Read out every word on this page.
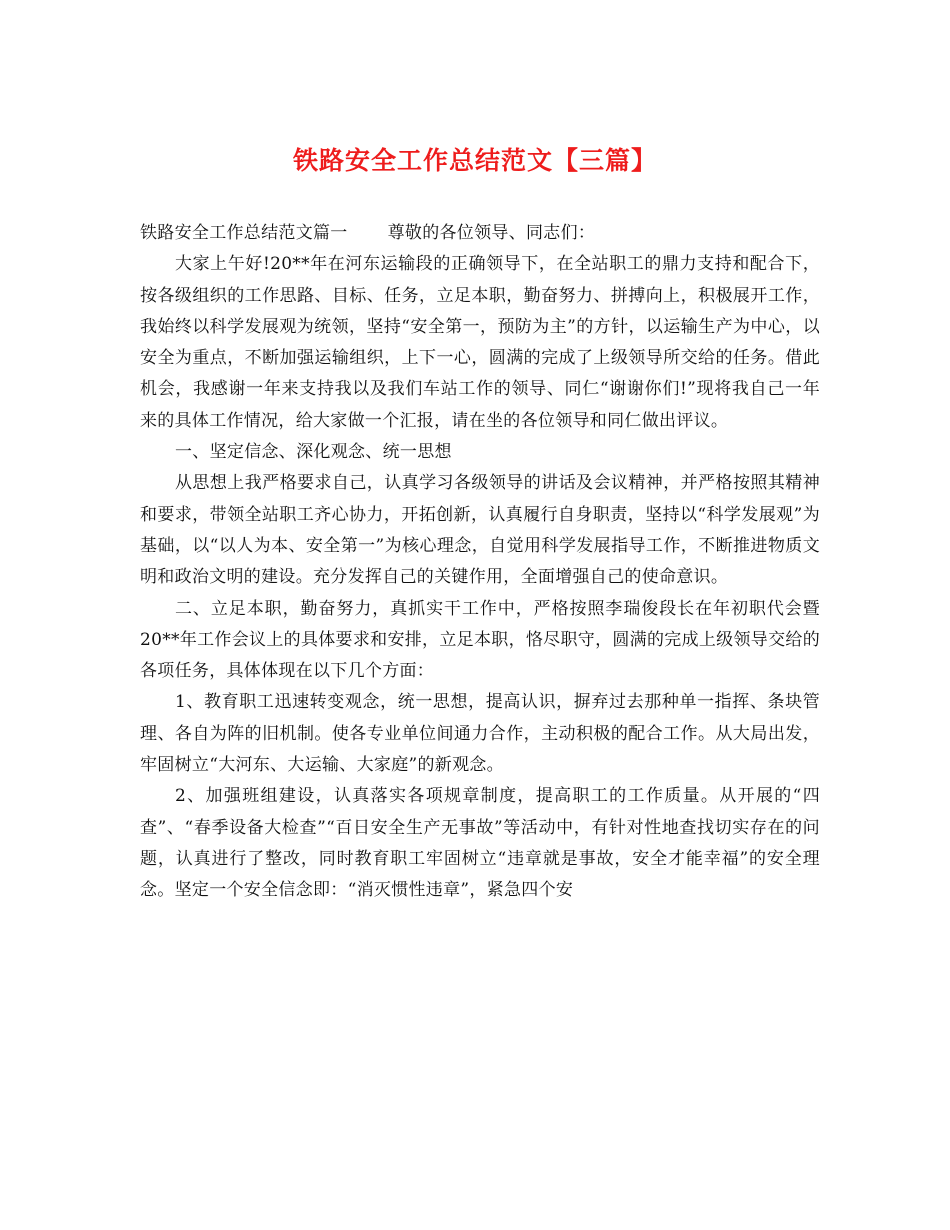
铁路安全工作总结范文【三篇】

铁路安全工作总结范文篇一 尊敬的各位领导、同志们：

大家上午好!20**年在河东运输段的正确领导下，在全站职工的鼎力支持和配合下，按各级组织的工作思路、目标、任务，立足本职，勤奋努力、拼搏向上，积极展开工作，我始终以科学发展观为统领，坚持“安全第一，预防为主”的方针，以运输生产为中心，以安全为重点，不断加强运输组织，上下一心，圆满的完成了上级领导所交给的任务。借此机会，我感谢一年来支持我以及我们车站工作的领导、同仁“谢谢你们!”现将我自己一年来的具体工作情况，给大家做一个汇报，请在坐的各位领导和同仁做出评议。

一、坚定信念、深化观念、统一思想

从思想上我严格要求自己，认真学习各级领导的讲话及会议精神，并严格按照其精神和要求，带领全站职工齐心协力，开拓创新，认真履行自身职责，坚持以“科学发展观”为基础，以“以人为本、安全第一”为核心理念，自觉用科学发展指导工作，不断推进物质文明和政治文明的建设。充分发挥自己的关键作用，全面增强自己的使命意识。

二、立足本职，勤奋努力，真抓实干工作中，严格按照李瑞俊段长在年初职代会暨20**年工作会议上的具体要求和安排，立足本职，恪尽职守，圆满的完成上级领导交给的各项任务，具体体现在以下几个方面：

1、教育职工迅速转变观念，统一思想，提高认识，摒弃过去那种单一指挥、条块管理、各自为阵的旧机制。使各专业单位间通力合作，主动积极的配合工作。从大局出发，牢固树立“大河东、大运输、大家庭”的新观念。

2、加强班组建设，认真落实各项规章制度，提高职工的工作质量。从开展的“四查”、“春季设备大检查”“百日安全生产无事故”等活动中，有针对性地查找切实存在的问题，认真进行了整改，同时教育职工牢固树立“违章就是事故，安全才能幸福”的安全理念。坚定一个安全信念即：“消灭惯性违章”，紧急四个安
